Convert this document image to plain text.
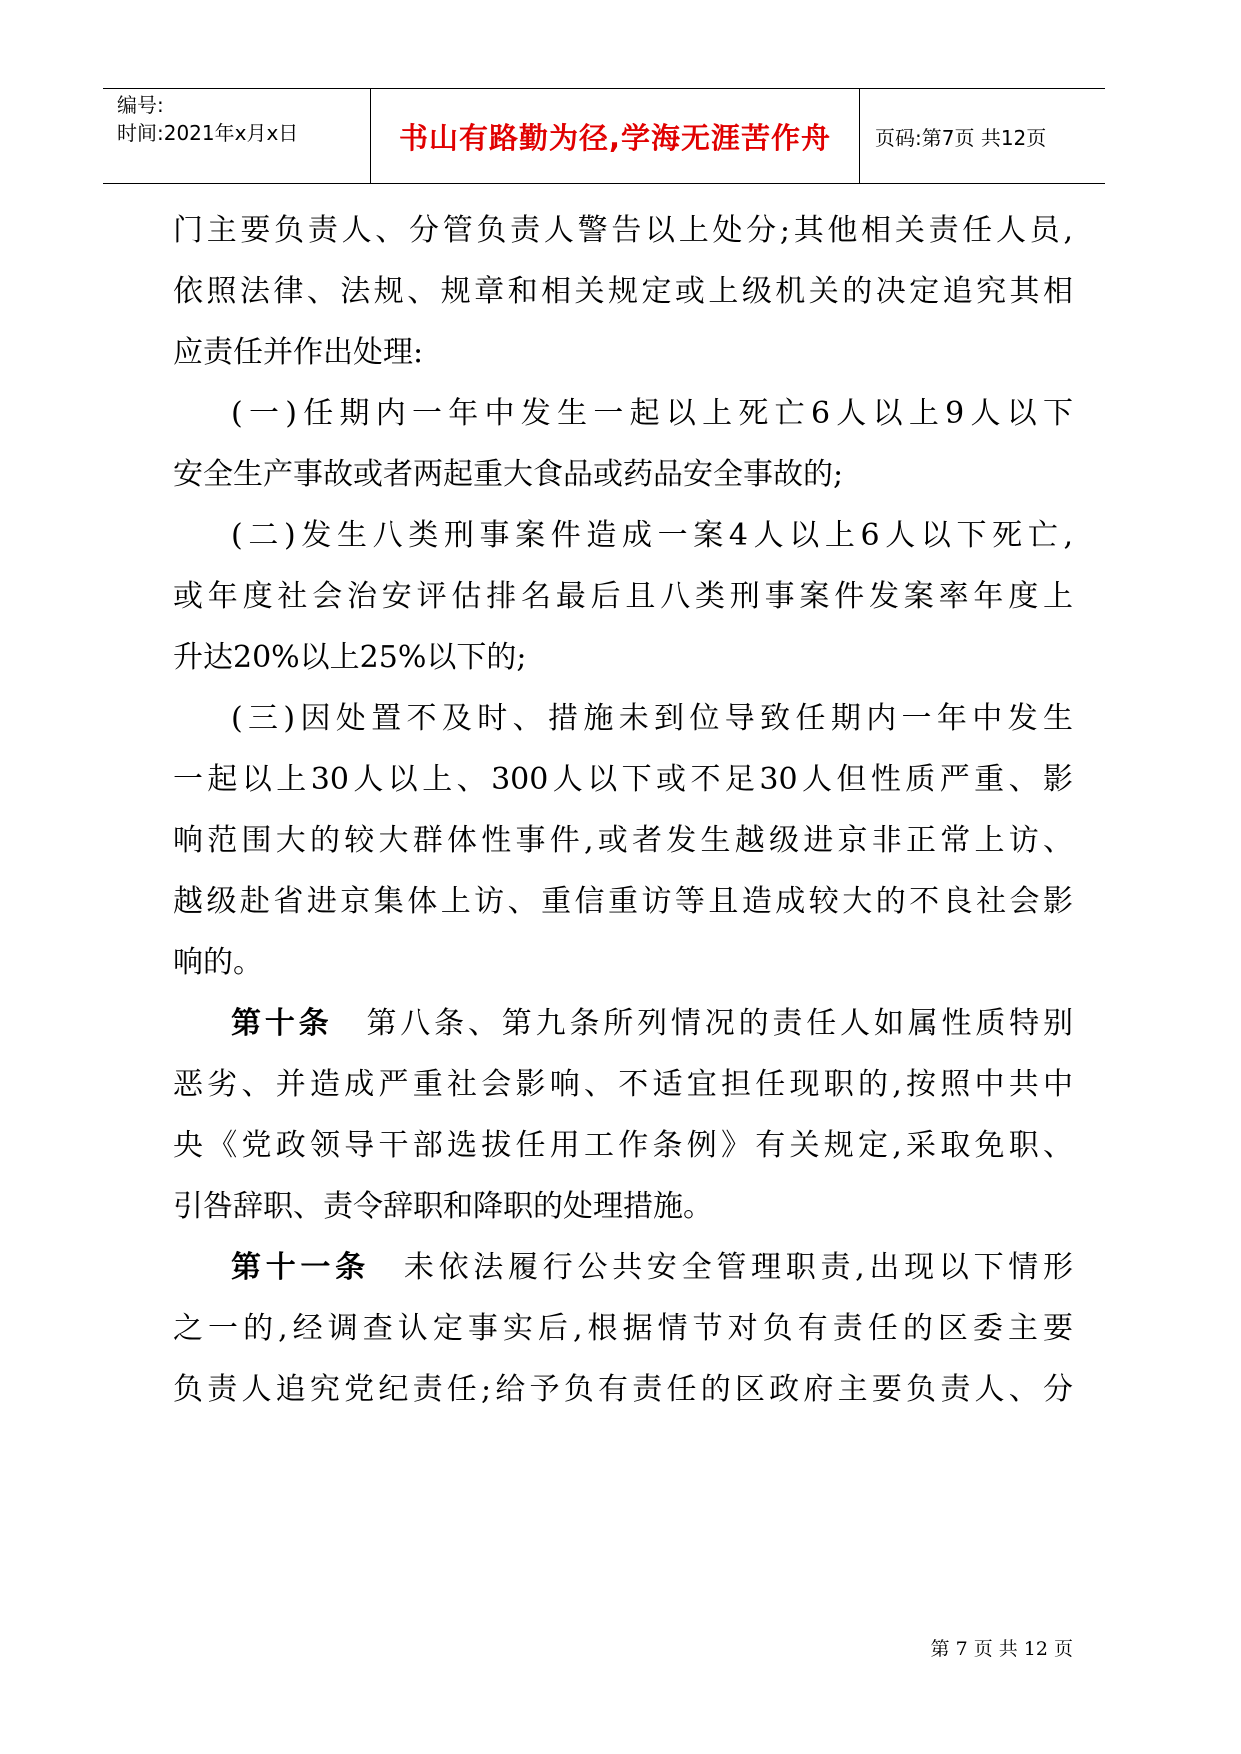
编号:
时间:2021年x月x日	书山有路勤为径,学海无涯苦作舟 页码:第7页 共12页
门主要负责人、分管负责人警告以上处分;其他相关责任人员,
依照法律、法规、规章和相关规定或上级机关的决定追究其相
应责任并作出处理:
(一)任期内一年中发生一起以上死亡6人以上9人以下
安全生产事故或者两起重大食品或药品安全事故的;
(二)发生八类刑事案件造成一案4人以上6人以下死亡,
或年度社会治安评估排名最后且八类刑事案件发案率年度上
升达20%以上25%以下的;
(三)因处置不及时、措施未到位导致任期内一年中发生
一起以上30人以上、300人以下或不足30人但性质严重、影
响范围大的较大群体性事件,或者发生越级进京非正常上访、
越级赴省进京集体上访、重信重访等且造成较大的不良社会影
响的。
第十条 第八条、第九条所列情况的责任人如属性质特别
恶劣、并造成严重社会影响、不适宜担任现职的,按照中共中
央《党政领导干部选拔任用工作条例》有关规定,采取免职、
引咎辞职、责令辞职和降职的处理措施。
第十一条 未依法履行公共安全管理职责,出现以下情形
之一的,经调查认定事实后,根据情节对负有责任的区委主要
负责人追究党纪责任;给予负有责任的区政府主要负责人、分
第 7 页 共 12 页
